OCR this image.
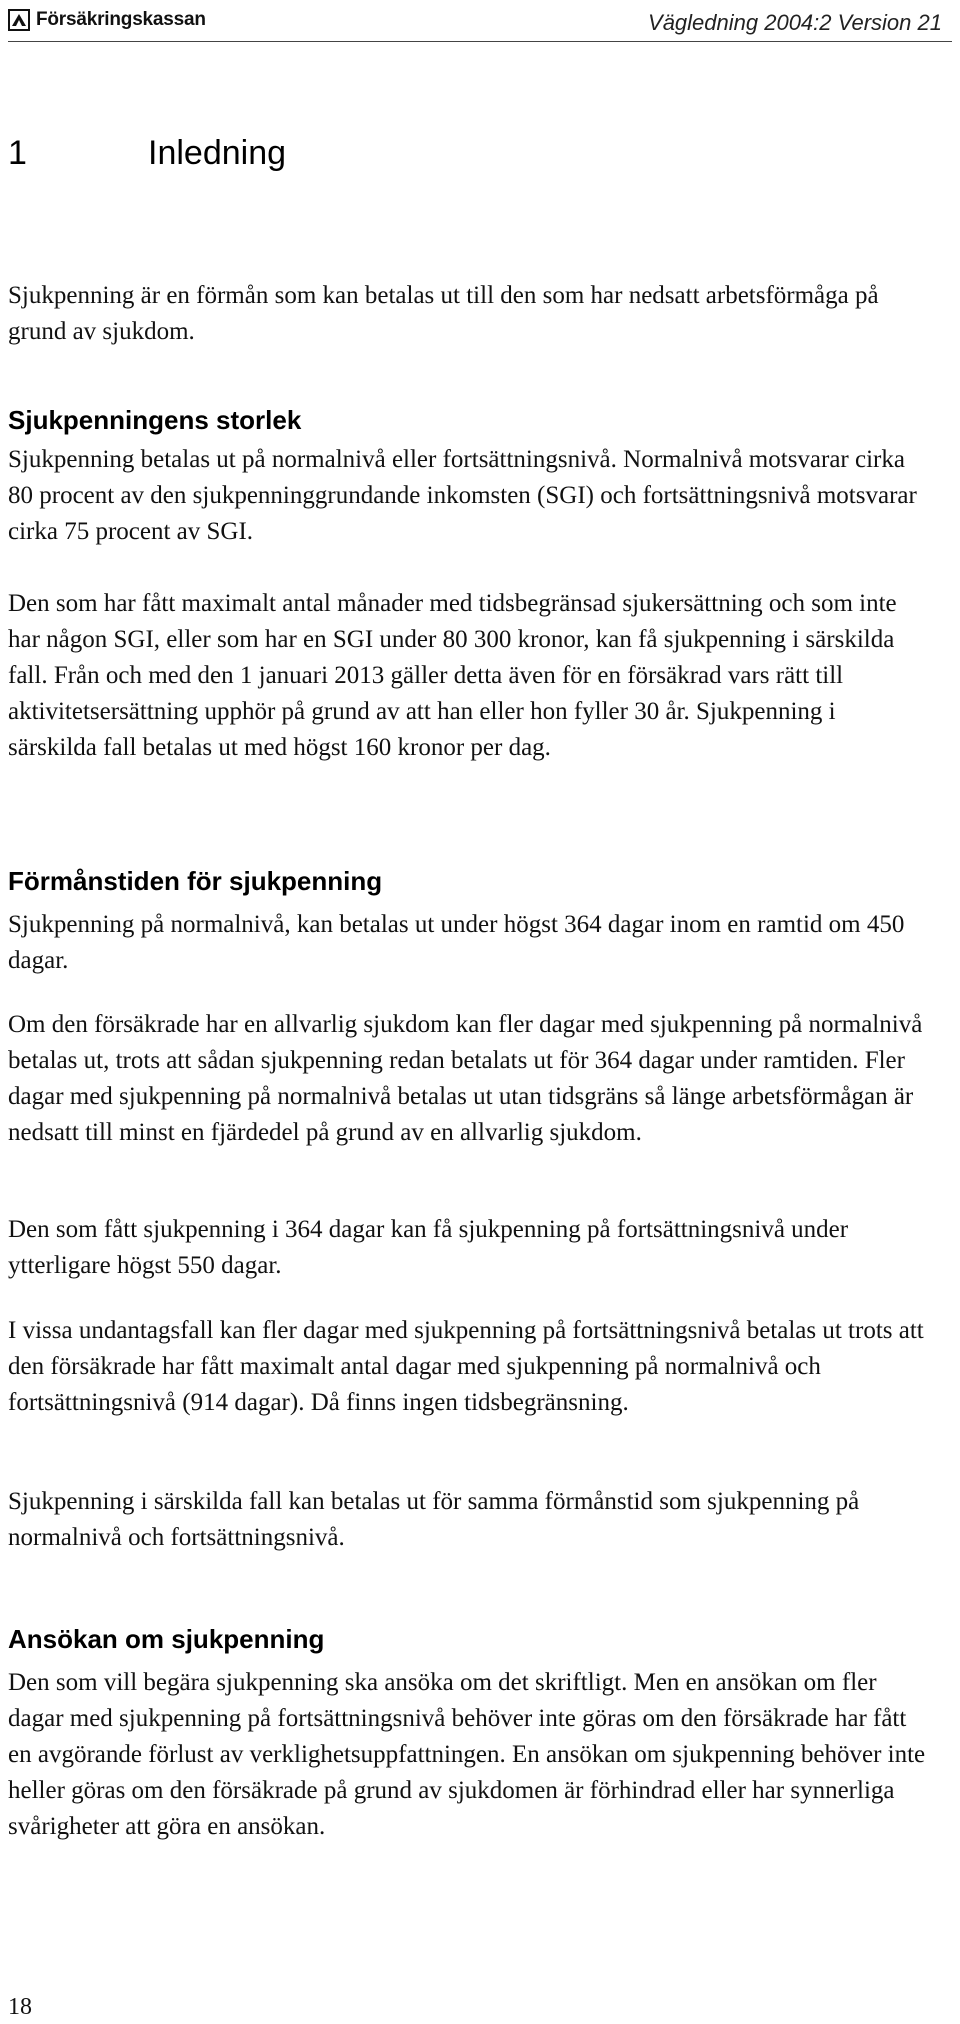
Försäkringskassan	Vägledning 2004:2 Version 21
1	Inledning

Sjukpenning är en förmån som kan betalas ut till den som har nedsatt arbetsförmåga på grund av sjukdom.

Sjukpenningens storlek

Sjukpenning betalas ut på normalnivå eller fortsättningsnivå. Normalnivå motsvarar cirka 80 procent av den sjukpenninggrundande inkomsten (SGI) och fortsättningsnivå motsvarar cirka 75 procent av SGI.

Den som har fått maximalt antal månader med tidsbegränsad sjukersättning och som inte har någon SGI, eller som har en SGI under 80 300 kronor, kan få sjukpenning i särskilda fall. Från och med den 1 januari 2013 gäller detta även för en försäkrad vars rätt till aktivitetsersättning upphör på grund av att han eller hon fyller 30 år. Sjukpenning i särskilda fall betalas ut med högst 160 kronor per dag.

Förmånstiden för sjukpenning

Sjukpenning på normalnivå, kan betalas ut under högst 364 dagar inom en ramtid om 450 dagar.

Om den försäkrade har en allvarlig sjukdom kan fler dagar med sjukpenning på normalnivå betalas ut, trots att sådan sjukpenning redan betalats ut för 364 dagar under ramtiden. Fler dagar med sjukpenning på normalnivå betalas ut utan tidsgräns så länge arbetsförmågan är nedsatt till minst en fjärdedel på grund av en allvarlig sjukdom.

Den som fått sjukpenning i 364 dagar kan få sjukpenning på fortsättningsnivå under ytterligare högst 550 dagar.

I vissa undantagsfall kan fler dagar med sjukpenning på fortsättningsnivå betalas ut trots att den försäkrade har fått maximalt antal dagar med sjukpenning på normalnivå och fortsättningsnivå (914 dagar). Då finns ingen tidsbegränsning.

Sjukpenning i särskilda fall kan betalas ut för samma förmånstid som sjukpenning på normalnivå och fortsättningsnivå.

Ansökan om sjukpenning

Den som vill begära sjukpenning ska ansöka om det skriftligt. Men en ansökan om fler dagar med sjukpenning på fortsättningsnivå behöver inte göras om den försäkrade har fått en avgörande förlust av verklighetsuppfattningen. En ansökan om sjukpenning behöver inte heller göras om den försäkrade på grund av sjukdomen är förhindrad eller har synnerliga svårigheter att göra en ansökan.

18
